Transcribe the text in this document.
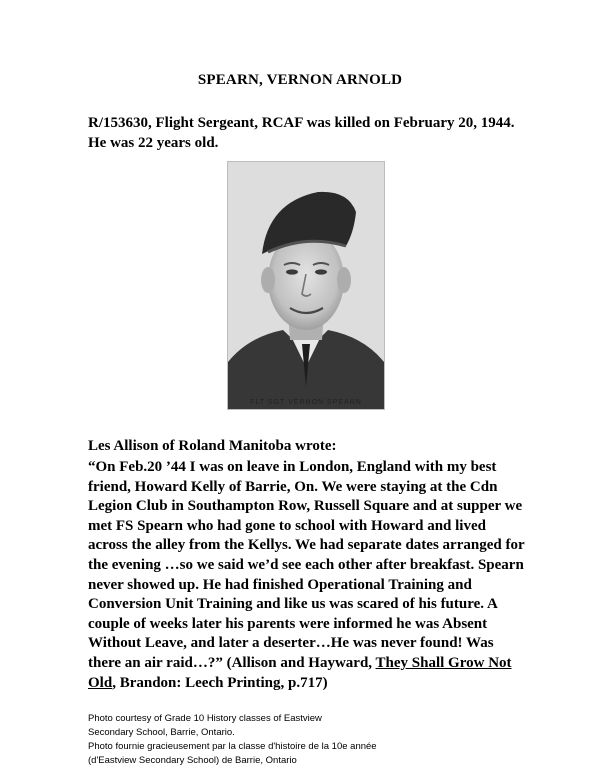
SPEARN, VERNON ARNOLD
R/153630, Flight Sergeant, RCAF was killed on February 20, 1944. He was 22 years old.
FLT SGT VERNON SPEARN
Les Allison of Roland Manitoba wrote:

“On Feb.20 ’44 I was on leave in London, England with my best friend, Howard Kelly of Barrie, On. We were staying at the Cdn Legion Club in Southampton Row, Russell Square and at supper we met FS Spearn who had gone to school with Howard and lived across the alley from the Kellys. We had separate dates arranged for the evening …so we said we’d see each other after breakfast. Spearn never showed up. He had finished Operational Training and Conversion Unit Training and like us was scared of his future. A couple of weeks later his parents were informed he was Absent Without Leave, and later a deserter…He was never found! Was there an air raid…?” (Allison and Hayward, They Shall Grow Not Old, Brandon: Leech Printing, p.717)

Photo courtesy of Grade 10 History classes of Eastview
Secondary School, Barrie, Ontario.
Photo fournie gracieusement par la classe d'histoire de la 10e année
(d'Eastview Secondary School) de Barrie, Ontario
